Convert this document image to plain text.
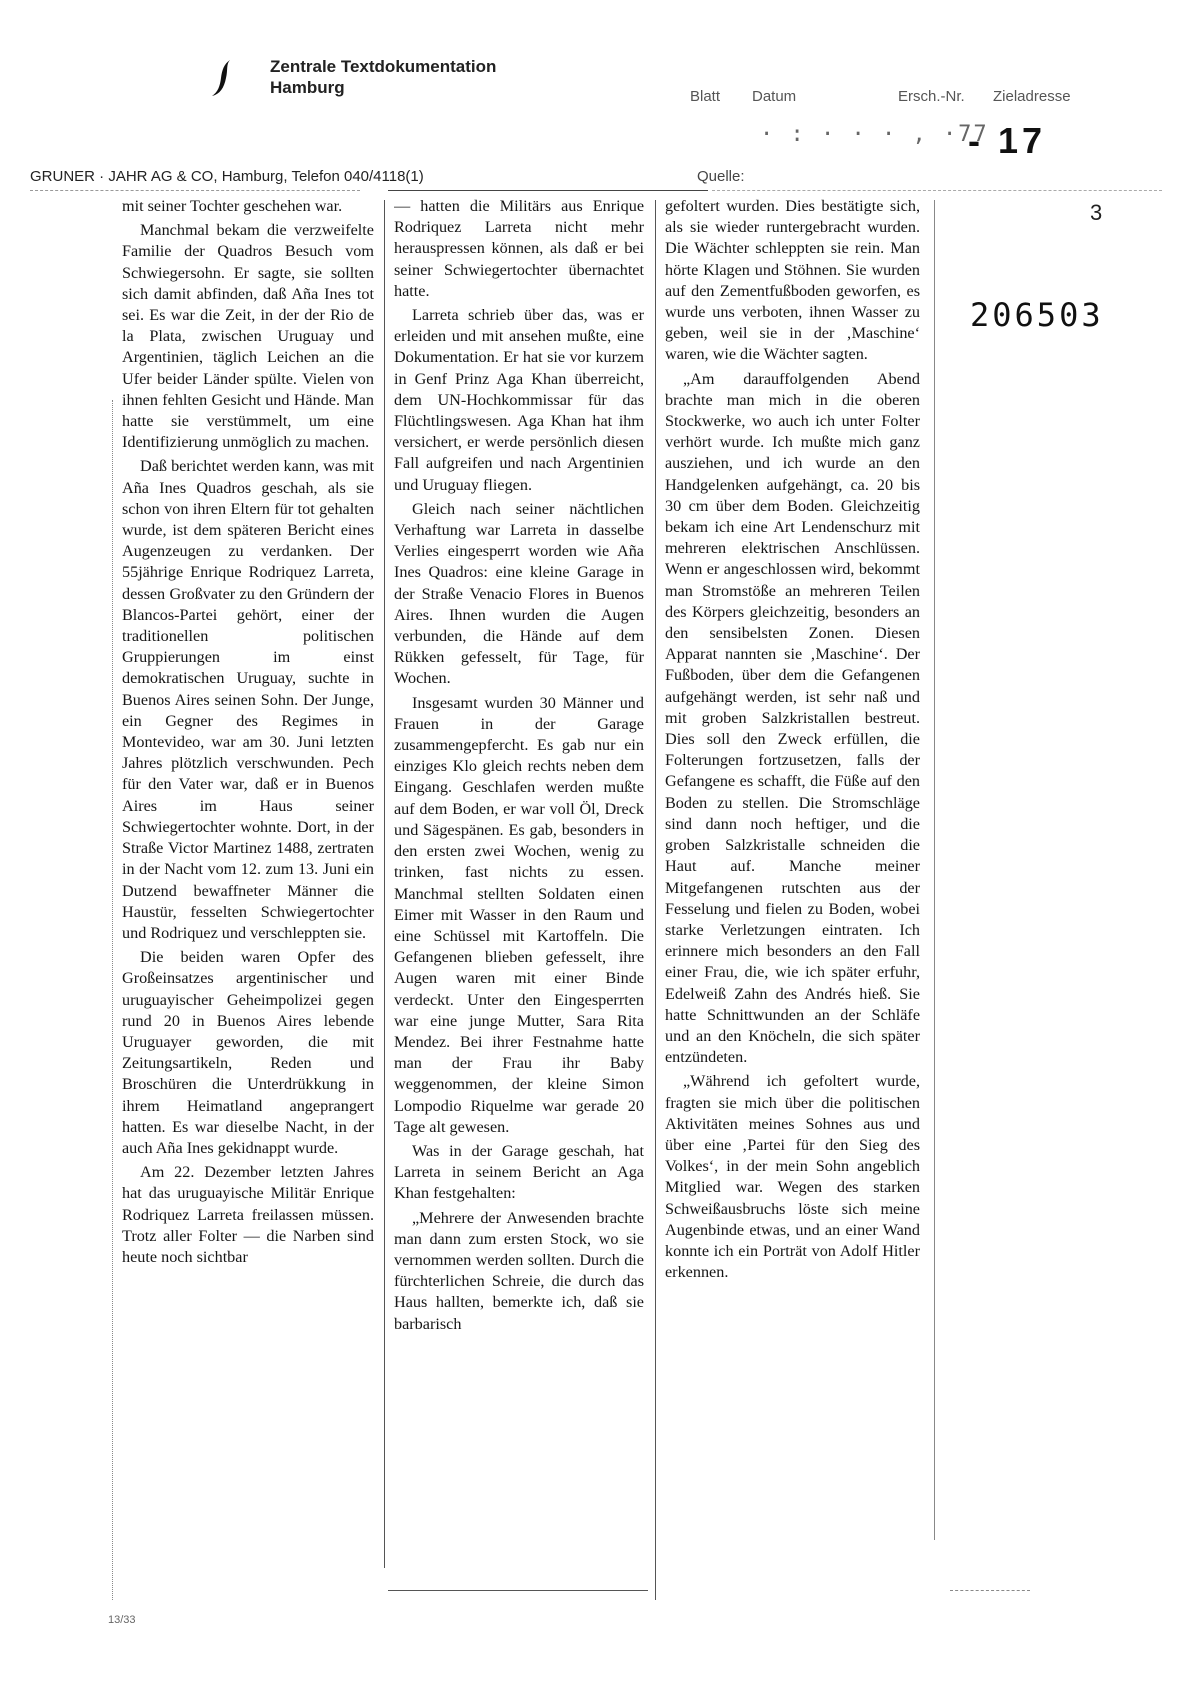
Zentrale Textdokumentation
Hamburg	Blatt Datum	Ersch.-Nr. Zieladresse
· : · · · , ·77
- 17
GRUNER · JAHR AG & CO, Hamburg, Telefon 040/4118(1)	Quelle:
3
206503

mit seiner Tochter geschehen war.

Manchmal bekam die verzweifelte Familie der Quadros Besuch vom Schwiegersohn. Er sagte, sie sollten sich damit abfinden, daß Aña Ines tot sei. Es war die Zeit, in der der Rio de la Plata, zwischen Uruguay und Argentinien, täglich Leichen an die Ufer beider Länder spülte. Vielen von ihnen fehlten Gesicht und Hände. Man hatte sie verstümmelt, um eine Identifizierung unmöglich zu machen.

Daß berichtet werden kann, was mit Aña Ines Quadros geschah, als sie schon von ihren Eltern für tot gehalten wurde, ist dem späteren Bericht eines Augenzeugen zu verdanken. Der 55jährige Enrique Rodriquez Larreta, dessen Großvater zu den Gründern der Blancos-Partei gehört, einer der traditionellen politischen Gruppierungen im einst demokratischen Uruguay, suchte in Buenos Aires seinen Sohn. Der Junge, ein Gegner des Regimes in Montevideo, war am 30. Juni letzten Jahres plötzlich verschwunden. Pech für den Vater war, daß er in Buenos Aires im Haus seiner Schwiegertochter wohnte. Dort, in der Straße Victor Martinez 1488, zertraten in der Nacht vom 12. zum 13. Juni ein Dutzend bewaffneter Männer die Haustür, fesselten Schwiegertochter und Rodriquez und verschleppten sie.

Die beiden waren Opfer des Großeinsatzes argentinischer und uruguayischer Geheimpolizei gegen rund 20 in Buenos Aires lebende Uruguayer geworden, die mit Zeitungsartikeln, Reden und Broschüren die Unterdrükkung in ihrem Heimatland angeprangert hatten. Es war dieselbe Nacht, in der auch Aña Ines gekidnappt wurde.

Am 22. Dezember letzten Jahres hat das uruguayische Militär Enrique Rodriquez Larreta freilassen müssen. Trotz aller Folter — die Narben sind heute noch sichtbar

— hatten die Militärs aus Enrique Rodriquez Larreta nicht mehr herauspressen können, als daß er bei seiner Schwiegertochter übernachtet hatte.

Larreta schrieb über das, was er erleiden und mit ansehen mußte, eine Dokumentation. Er hat sie vor kurzem in Genf Prinz Aga Khan überreicht, dem UN-Hochkommissar für das Flüchtlingswesen. Aga Khan hat ihm versichert, er werde persönlich diesen Fall aufgreifen und nach Argentinien und Uruguay fliegen.

Gleich nach seiner nächtlichen Verhaftung war Larreta in dasselbe Verlies eingesperrt worden wie Aña Ines Quadros: eine kleine Garage in der Straße Venacio Flores in Buenos Aires. Ihnen wurden die Augen verbunden, die Hände auf dem Rükken gefesselt, für Tage, für Wochen.

Insgesamt wurden 30 Männer und Frauen in der Garage zusammengepfercht. Es gab nur ein einziges Klo gleich rechts neben dem Eingang. Geschlafen werden mußte auf dem Boden, er war voll Öl, Dreck und Sägespänen. Es gab, besonders in den ersten zwei Wochen, wenig zu trinken, fast nichts zu essen. Manchmal stellten Soldaten einen Eimer mit Wasser in den Raum und eine Schüssel mit Kartoffeln. Die Gefangenen blieben gefesselt, ihre Augen waren mit einer Binde verdeckt. Unter den Eingesperrten war eine junge Mutter, Sara Rita Mendez. Bei ihrer Festnahme hatte man der Frau ihr Baby weggenommen, der kleine Simon Lompodio Riquelme war gerade 20 Tage alt gewesen.

Was in der Garage geschah, hat Larreta in seinem Bericht an Aga Khan festgehalten:

„Mehrere der Anwesenden brachte man dann zum ersten Stock, wo sie vernommen werden sollten. Durch die fürchterlichen Schreie, die durch das Haus hallten, bemerkte ich, daß sie barbarisch

gefoltert wurden. Dies bestätigte sich, als sie wieder runtergebracht wurden. Die Wächter schleppten sie rein. Man hörte Klagen und Stöhnen. Sie wurden auf den Zementfußboden geworfen, es wurde uns verboten, ihnen Wasser zu geben, weil sie in der ‚Maschine‘ waren, wie die Wächter sagten.

„Am darauffolgenden Abend brachte man mich in die oberen Stockwerke, wo auch ich unter Folter verhört wurde. Ich mußte mich ganz ausziehen, und ich wurde an den Handgelenken aufgehängt, ca. 20 bis 30 cm über dem Boden. Gleichzeitig bekam ich eine Art Lendenschurz mit mehreren elektrischen Anschlüssen. Wenn er angeschlossen wird, bekommt man Stromstöße an mehreren Teilen des Körpers gleichzeitig, besonders an den sensibelsten Zonen. Diesen Apparat nannten sie ‚Maschine‘. Der Fußboden, über dem die Gefangenen aufgehängt werden, ist sehr naß und mit groben Salzkristallen bestreut. Dies soll den Zweck erfüllen, die Folterungen fortzusetzen, falls der Gefangene es schafft, die Füße auf den Boden zu stellen. Die Stromschläge sind dann noch heftiger, und die groben Salzkristalle schneiden die Haut auf. Manche meiner Mitgefangenen rutschten aus der Fesselung und fielen zu Boden, wobei starke Verletzungen eintraten. Ich erinnere mich besonders an den Fall einer Frau, die, wie ich später erfuhr, Edelweiß Zahn des Andrés hieß. Sie hatte Schnittwunden an der Schläfe und an den Knöcheln, die sich später entzündeten.

„Während ich gefoltert wurde, fragten sie mich über die politischen Aktivitäten meines Sohnes aus und über eine ‚Partei für den Sieg des Volkes‘, in der mein Sohn angeblich Mitglied war. Wegen des starken Schweißausbruchs löste sich meine Augenbinde etwas, und an einer Wand konnte ich ein Porträt von Adolf Hitler erkennen.

13/33
